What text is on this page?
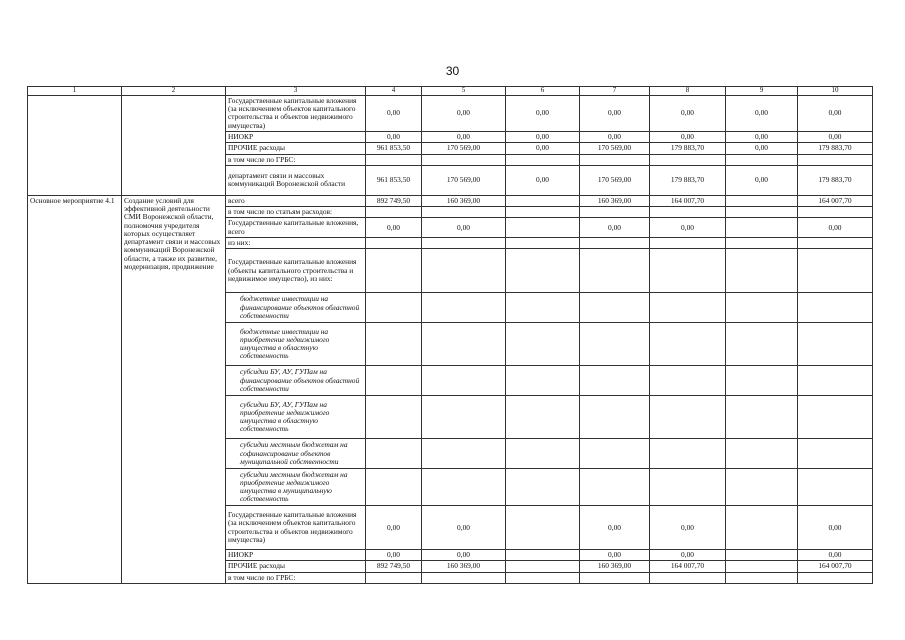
30
1	2	3	4	5	6	7	8	9	10
		Государственные капитальные вложения (за исключением объектов капитального строительства и объектов недвижимого имущества)	0,00	0,00	0,00	0,00	0,00	0,00	0,00
		НИОКР	0,00	0,00	0,00	0,00	0,00	0,00	0,00
		ПРОЧИЕ расходы	961 853,50	170 569,00	0,00	170 569,00	179 883,70	0,00	179 883,70
		в том числе по ГРБС:							
		департамент связи и массовых коммуникаций Воронежской области	961 853,50	170 569,00	0,00	170 569,00	179 883,70	0,00	179 883,70
Основное мероприятие 4.1	Создание условий для эффективной деятельности СМИ Воронежской области, полномочия учредителя которых осуществляет департамент связи и массовых коммуникаций Воронежской области, а также их развитие, модернизация, продвижение	всего	892 749,50	160 369,00		160 369,00	164 007,70		164 007,70
		в том числе по статьям расходов:							
		Государственные капитальные вложения, всего	0,00	0,00		0,00	0,00		0,00
		из них:							
		Государственные капитальные вложения (объекты капитального строительства и недвижимое имущество), из них:							
		бюджетные инвестиции на финансирование объектов областной собственности							
		бюджетные инвестиции на приобретение недвижимого имущества в областную собственность							
		субсидии БУ, АУ, ГУПам на финансирование объектов областной собственности							
		субсидии БУ, АУ, ГУПам на приобретение недвижимого имущества в областную собственность							
		субсидии местным бюджетам на софинансирование объектов муниципальной собственности							
		субсидии местным бюджетам на приобретение недвижимого имущества в муниципальную собственность							
		Государственные капитальные вложения (за исключением объектов капитального строительства и объектов недвижимого имущества)	0,00	0,00		0,00	0,00		0,00
		НИОКР	0,00	0,00		0,00	0,00		0,00
		ПРОЧИЕ расходы	892 749,50	160 369,00		160 369,00	164 007,70		164 007,70
		в том числе по ГРБС:							
